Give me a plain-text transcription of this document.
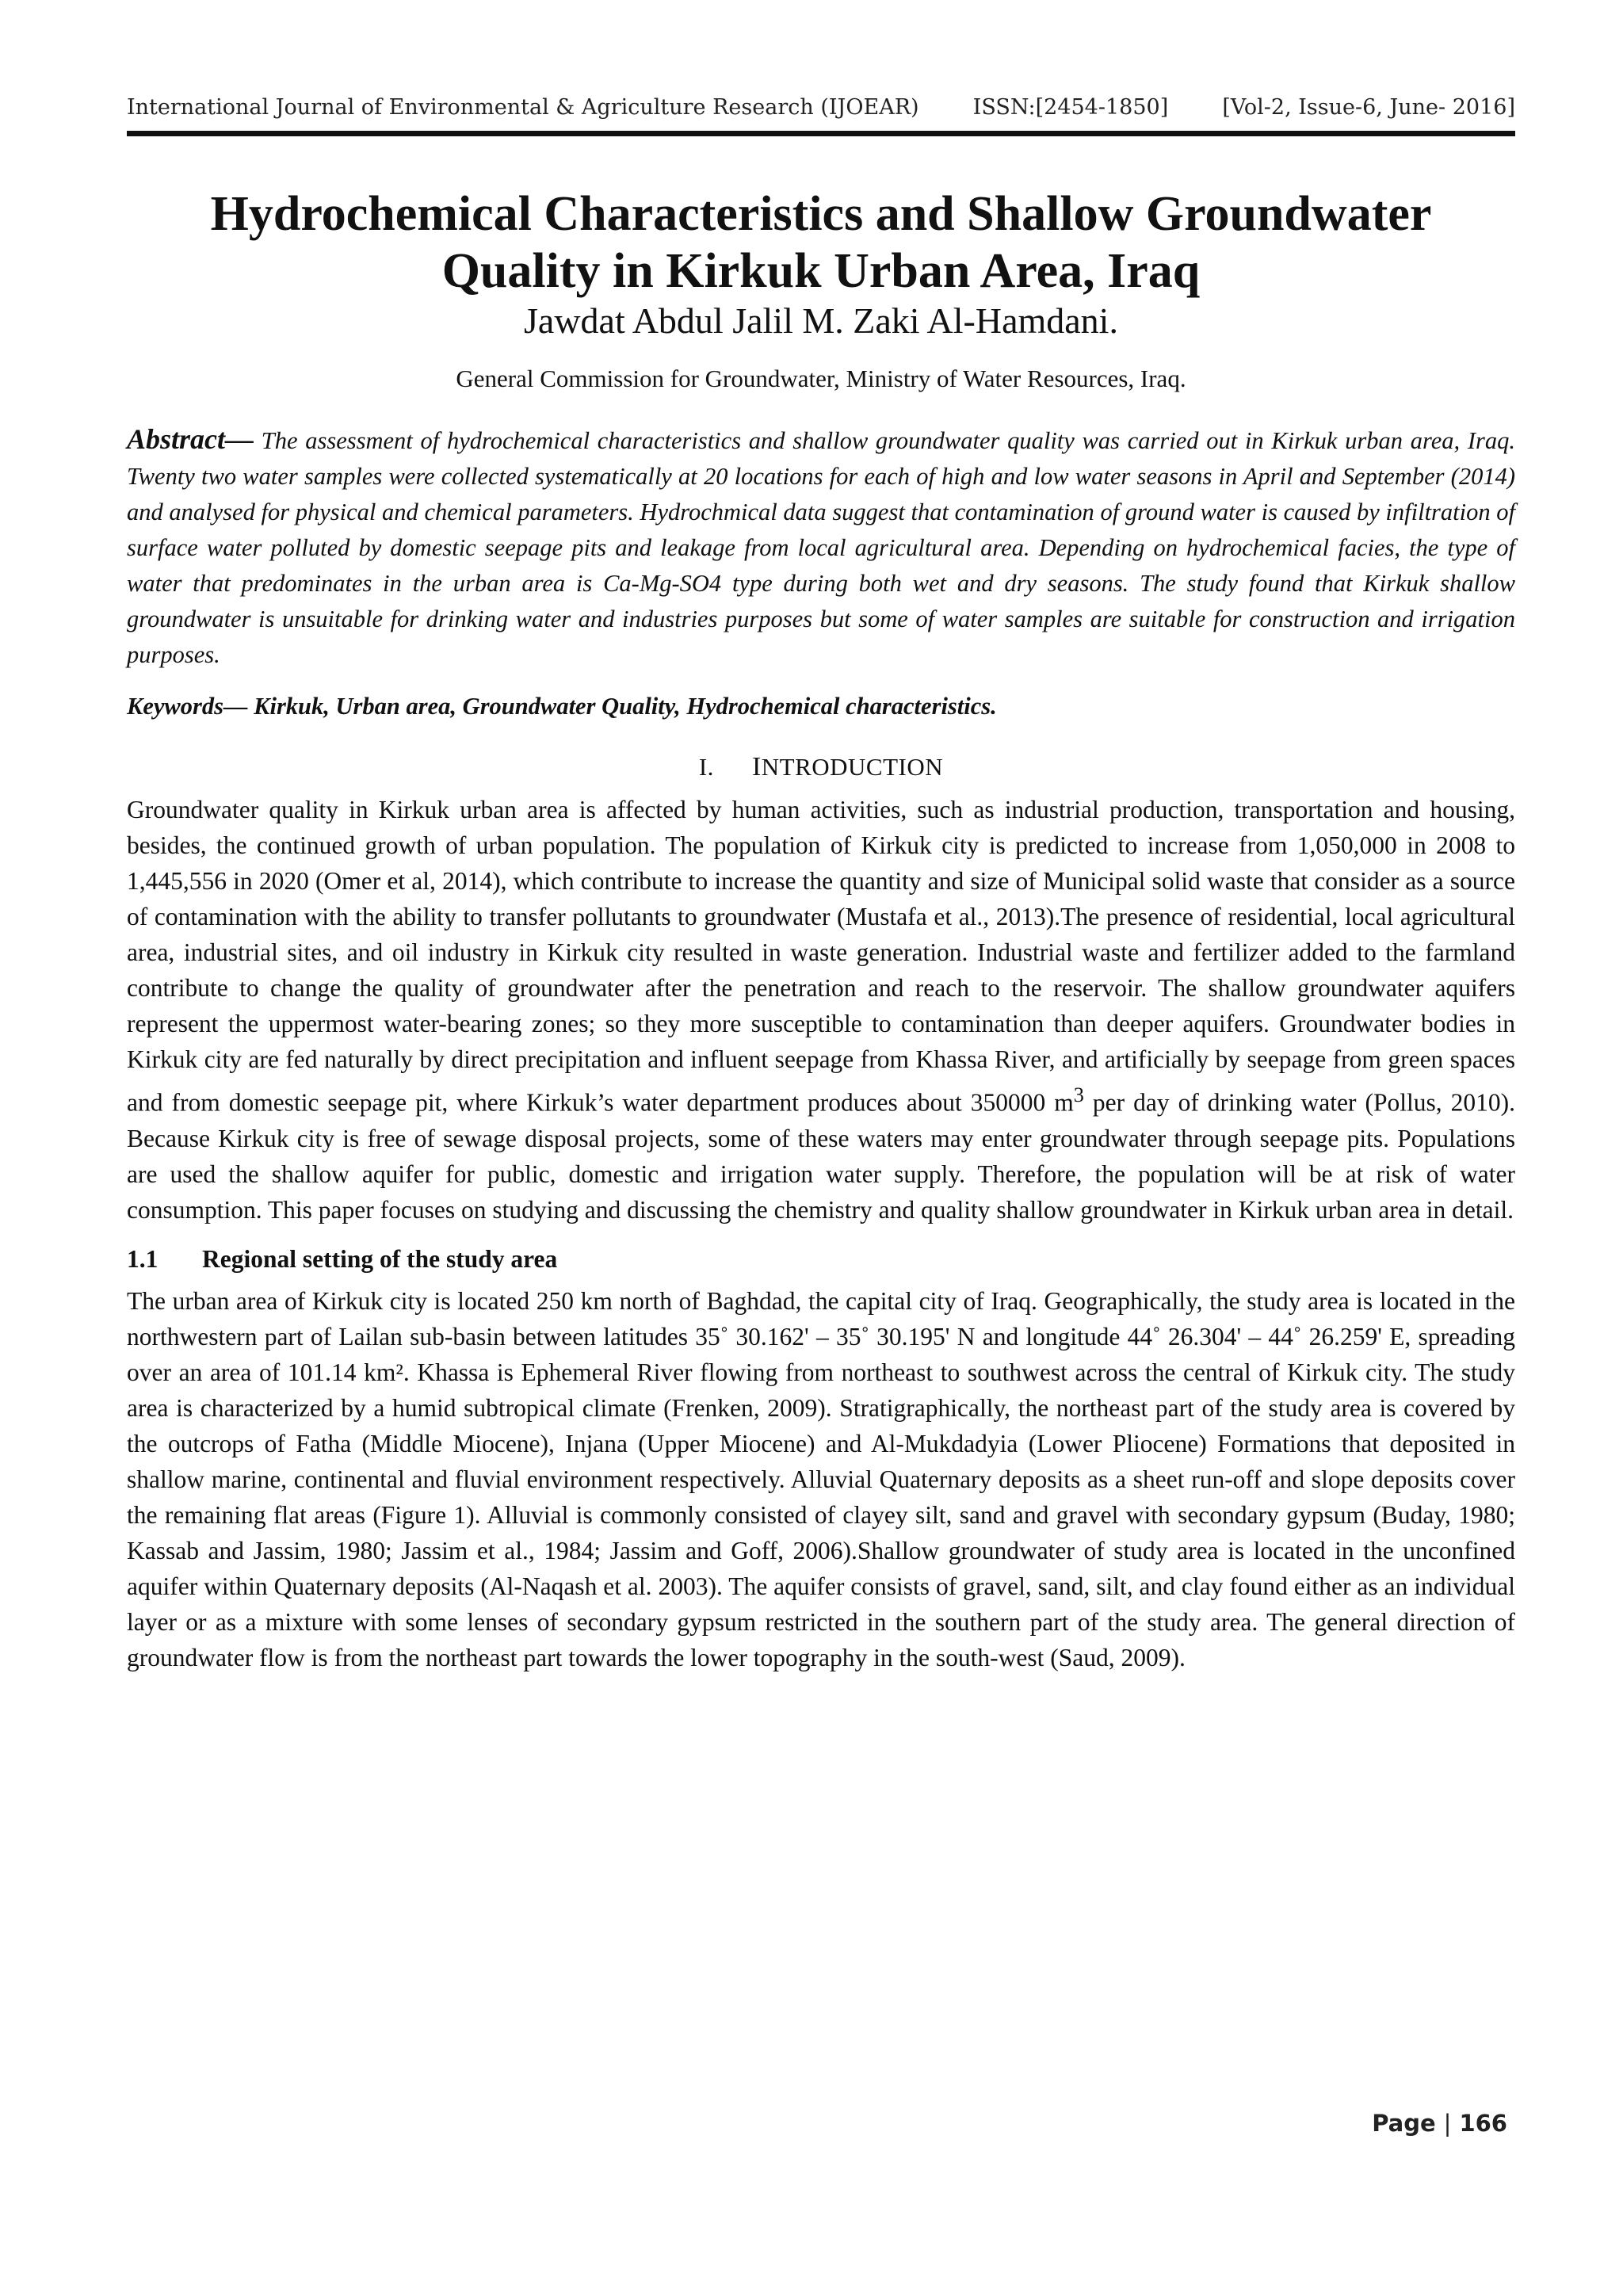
International Journal of Environmental & Agriculture Research (IJOEAR)	ISSN:[2454-1850]	[Vol-2, Issue-6, June- 2016]
Hydrochemical Characteristics and Shallow Groundwater
Quality in Kirkuk Urban Area, Iraq
Jawdat Abdul Jalil M. Zaki Al-Hamdani.
General Commission for Groundwater, Ministry of Water Resources, Iraq.
Abstract— The assessment of hydrochemical characteristics and shallow groundwater quality was carried out in Kirkuk urban area, Iraq. Twenty two water samples were collected systematically at 20 locations for each of high and low water seasons in April and September (2014) and analysed for physical and chemical parameters. Hydrochmical data suggest that contamination of ground water is caused by infiltration of surface water polluted by domestic seepage pits and leakage from local agricultural area. Depending on hydrochemical facies, the type of water that predominates in the urban area is Ca-Mg-SO4 type during both wet and dry seasons. The study found that Kirkuk shallow groundwater is unsuitable for drinking water and industries purposes but some of water samples are suitable for construction and irrigation purposes.
Keywords— Kirkuk, Urban area, Groundwater Quality, Hydrochemical characteristics.
I. INTRODUCTION
Groundwater quality in Kirkuk urban area is affected by human activities, such as industrial production, transportation and housing, besides, the continued growth of urban population. The population of Kirkuk city is predicted to increase from 1,050,000 in 2008 to 1,445,556 in 2020 (Omer et al, 2014), which contribute to increase the quantity and size of Municipal solid waste that consider as a source of contamination with the ability to transfer pollutants to groundwater (Mustafa et al., 2013).The presence of residential, local agricultural area, industrial sites, and oil industry in Kirkuk city resulted in waste generation. Industrial waste and fertilizer added to the farmland contribute to change the quality of groundwater after the penetration and reach to the reservoir. The shallow groundwater aquifers represent the uppermost water-bearing zones; so they more susceptible to contamination than deeper aquifers. Groundwater bodies in Kirkuk city are fed naturally by direct precipitation and influent seepage from Khassa River, and artificially by seepage from green spaces and from domestic seepage pit, where Kirkuk’s water department produces about 350000 $m^3$ per day of drinking water (Pollus, 2010). Because Kirkuk city is free of sewage disposal projects, some of these waters may enter groundwater through seepage pits. Populations are used the shallow aquifer for public, domestic and irrigation water supply. Therefore, the population will be at risk of water consumption. This paper focuses on studying and discussing the chemistry and quality shallow groundwater in Kirkuk urban area in detail.
1.1 Regional setting of the study area
The urban area of Kirkuk city is located 250 km north of Baghdad, the capital city of Iraq. Geographically, the study area is located in the northwestern part of Lailan sub-basin between latitudes 35˚ 30.162' – 35˚ 30.195' N and longitude 44˚ 26.304' – 44˚ 26.259' E, spreading over an area of 101.14 km². Khassa is Ephemeral River flowing from northeast to southwest across the central of Kirkuk city. The study area is characterized by a humid subtropical climate (Frenken, 2009). Stratigraphically, the northeast part of the study area is covered by the outcrops of Fatha (Middle Miocene), Injana (Upper Miocene) and Al-Mukdadyia (Lower Pliocene) Formations that deposited in shallow marine, continental and fluvial environment respectively. Alluvial Quaternary deposits as a sheet run-off and slope deposits cover the remaining flat areas (Figure 1). Alluvial is commonly consisted of clayey silt, sand and gravel with secondary gypsum (Buday, 1980; Kassab and Jassim, 1980; Jassim et al., 1984; Jassim and Goff, 2006).Shallow groundwater of study area is located in the unconfined aquifer within Quaternary deposits (Al-Naqash et al. 2003). The aquifer consists of gravel, sand, silt, and clay found either as an individual layer or as a mixture with some lenses of secondary gypsum restricted in the southern part of the study area. The general direction of groundwater flow is from the northeast part towards the lower topography in the south-west (Saud, 2009).
Page | 166
